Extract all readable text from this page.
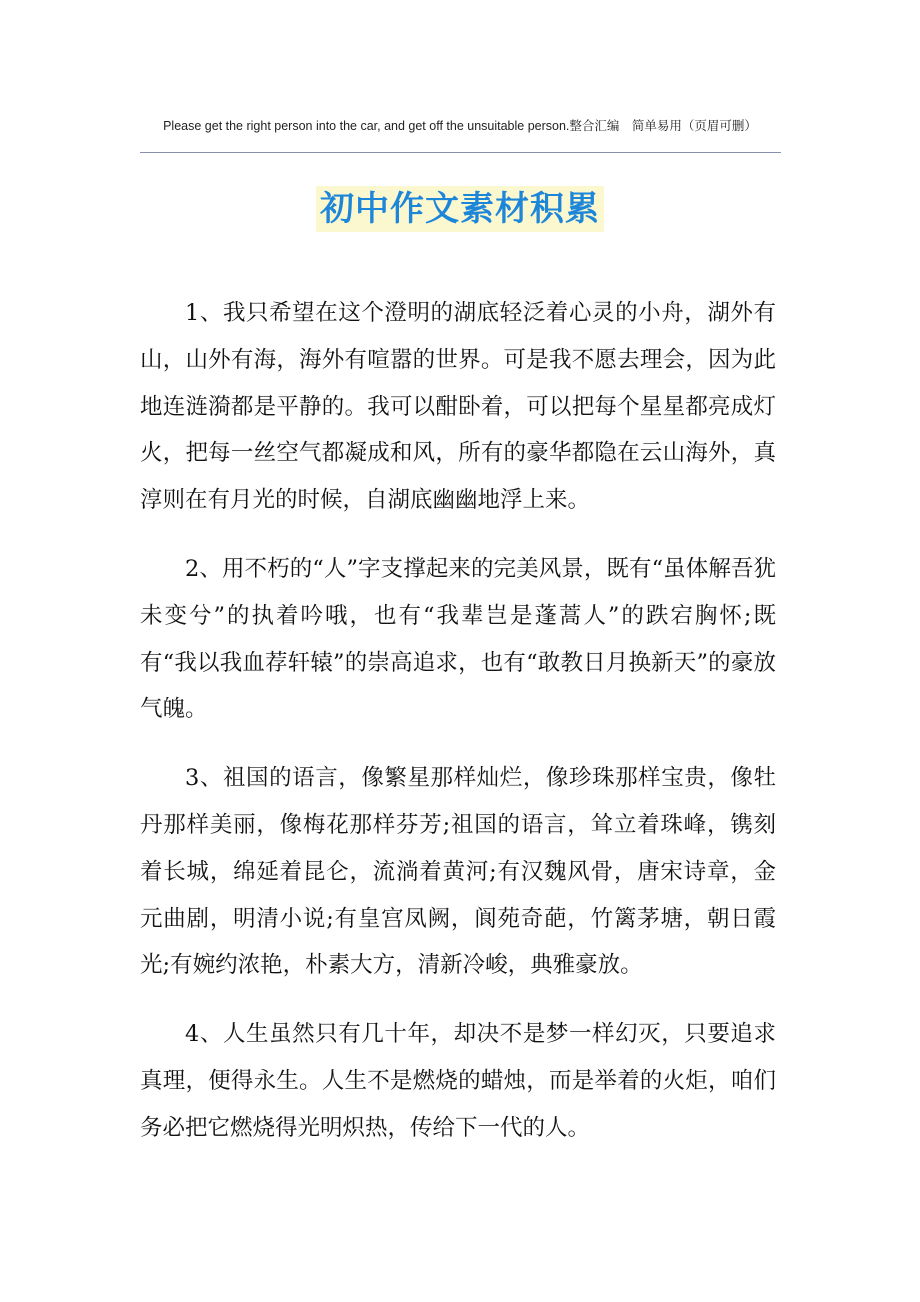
Please get the right person into the car, and get off the unsuitable person.整合汇编　简单易用（页眉可删）
初中作文素材积累

1、我只希望在这个澄明的湖底轻泛着心灵的小舟，湖外有山，山外有海，海外有喧嚣的世界。可是我不愿去理会，因为此地连涟漪都是平静的。我可以酣卧着，可以把每个星星都亮成灯火，把每一丝空气都凝成和风，所有的豪华都隐在云山海外，真淳则在有月光的时候，自湖底幽幽地浮上来。

2、用不朽的“人”字支撑起来的完美风景，既有“虽体解吾犹未变兮”的执着吟哦，也有“我辈岂是蓬蒿人”的跌宕胸怀;既有“我以我血荐轩辕”的崇高追求，也有“敢教日月换新天”的豪放气魄。

3、祖国的语言，像繁星那样灿烂，像珍珠那样宝贵，像牡丹那样美丽，像梅花那样芬芳;祖国的语言，耸立着珠峰，镌刻着长城，绵延着昆仑，流淌着黄河;有汉魏风骨，唐宋诗章，金元曲剧，明清小说;有皇宫凤阙，阆苑奇葩，竹篱茅塘，朝日霞光;有婉约浓艳，朴素大方，清新冷峻，典雅豪放。

4、人生虽然只有几十年，却决不是梦一样幻灭，只要追求真理，便得永生。人生不是燃烧的蜡烛，而是举着的火炬，咱们务必把它燃烧得光明炽热，传给下一代的人。
